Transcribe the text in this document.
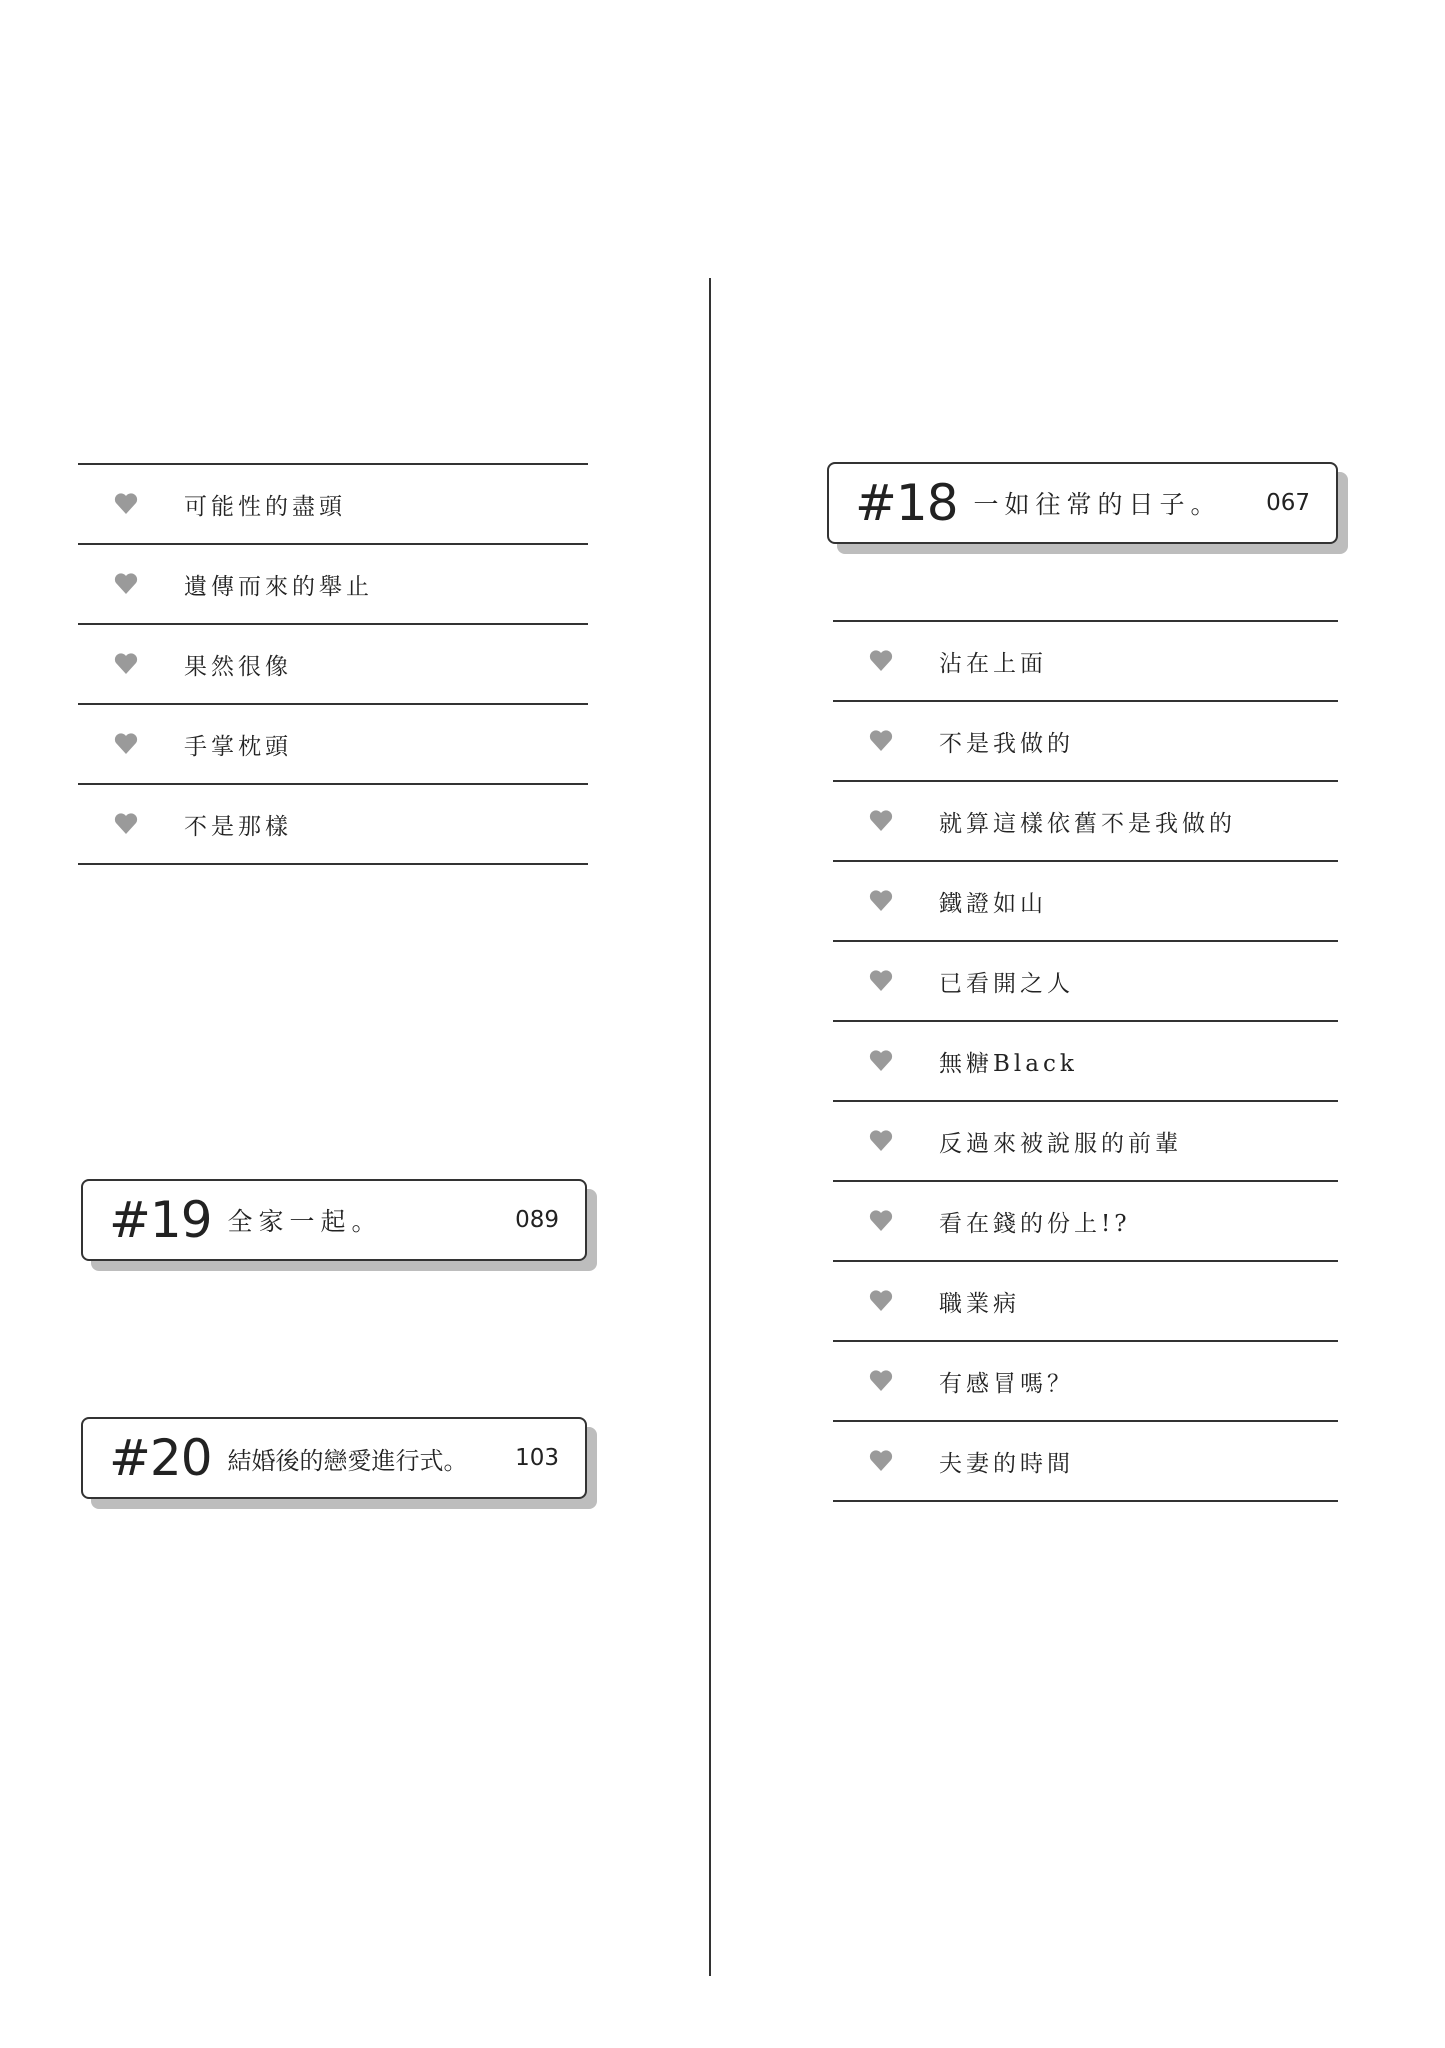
可能性的盡頭
遺傳而來的舉止
果然很像
手掌枕頭
不是那樣
#18 一如往常的日子。	067
#19 全家一起。	089
#20 結婚後的戀愛進行式。	103
沾在上面
不是我做的
就算這樣依舊不是我做的
鐵證如山
已看開之人
無糖Black
反過來被說服的前輩
看在錢的份上!?
職業病
有感冒嗎？
夫妻的時間
